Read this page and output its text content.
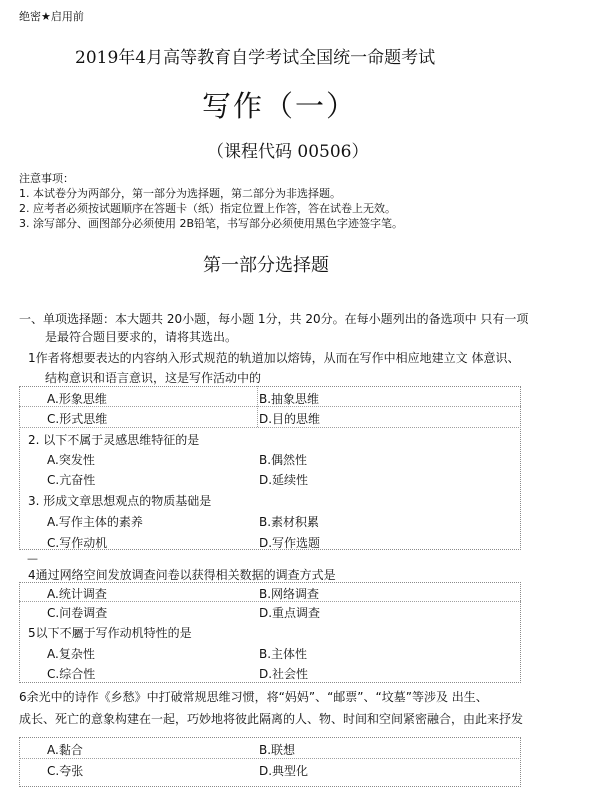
绝密★启用前
2019年4月高等教育自学考试全国统一命题考试
写作（一）
（课程代码 00506）
注意事项：
1. 本试卷分为两部分，第一部分为选择题，第二部分为非选择题。
2. 应考者必须按试题顺序在答题卡（纸）指定位置上作答，答在试卷上无效。
3. 涂写部分、画图部分必须使用 2B铅笔，书写部分必须使用黑色字迹签字笔。
第一部分选择题
一、单项选择题：本大题共 20小题，每小题 1分，共 20分。在每小题列出的备选项中 只有一项
是最符合题目要求的，请将其选出。
1作者将想要表达的内容纳入形式规范的轨道加以熔铸，从而在写作中相应地建立文 体意识、
结构意识和语言意识，这是写作活动中的
A.形象思维	B.抽象思维
C.形式思维	D.目的思维
2. 以下不属于灵感思维特征的是
A.突发性	B.偶然性
C.亢奋性	D.延续性
3. 形成文章思想观点的物质基础是
A.写作主体的素养	B.素材积累
C.写作动机	D.写作选题
—
4通过网络空间发放调查问卷以获得相关数据的调查方式是
A.统计调查	B.网络调查
C.问卷调查	D.重点调查
5以下不屬于写作动机特性的是
A.复杂性	B.主体性
C.综合性	D.社会性
6余光中的诗作《乡愁》中打破常规思维习惯，将“妈妈”、“邮票”、“坟墓”等涉及 出生、
成长、死亡的意象构建在一起，巧妙地将彼此隔离的人、物、时间和空间紧密融合，由此来抒发
A.黏合	B.联想
C.夸张	D.典型化
